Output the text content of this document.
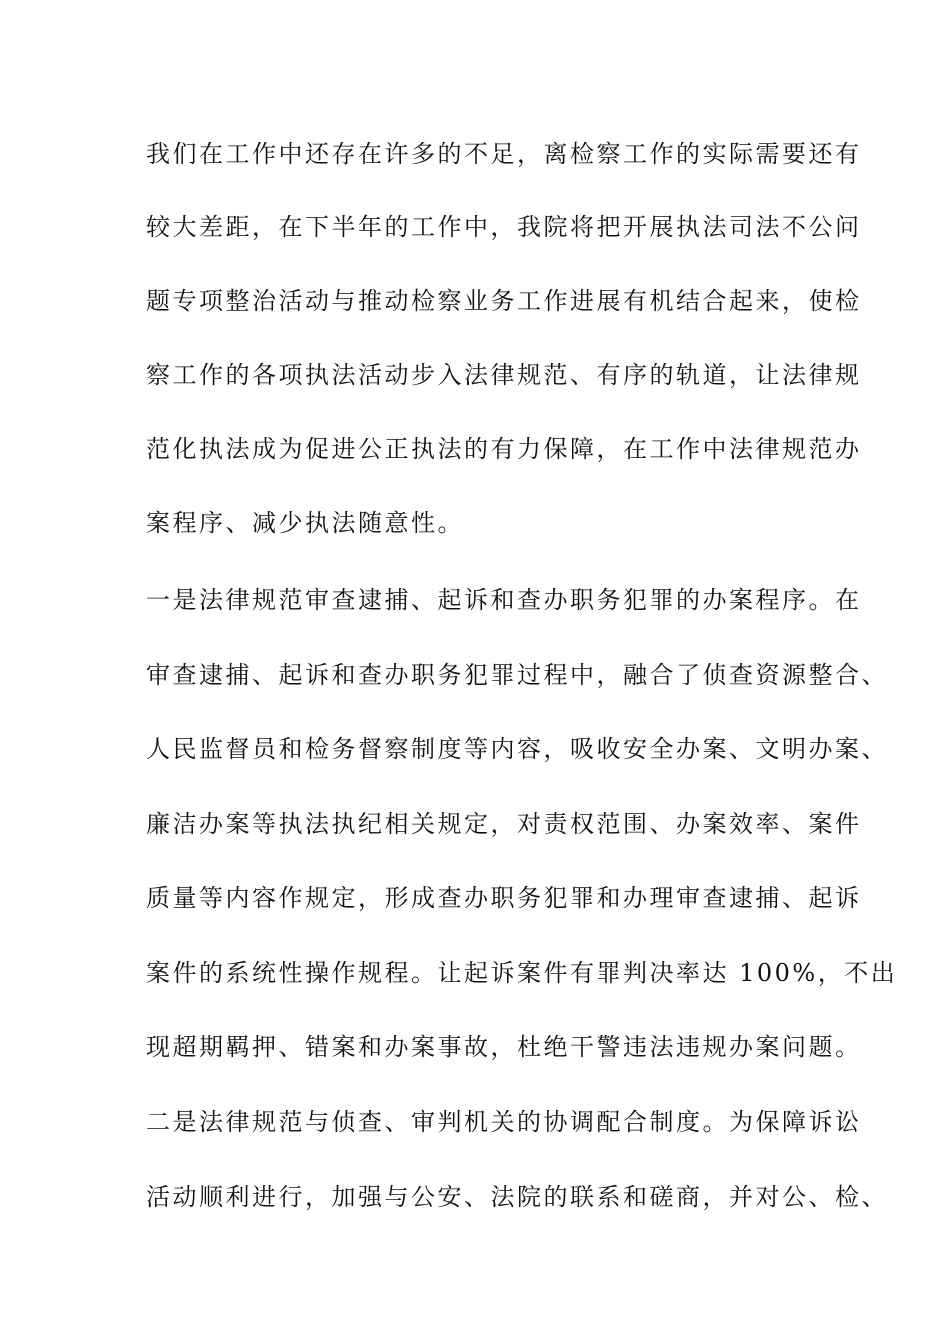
我们在工作中还存在许多的不足，离检察工作的实际需要还有
较大差距，在下半年的工作中，我院将把开展执法司法不公问
题专项整治活动与推动检察业务工作进展有机结合起来，使检
察工作的各项执法活动步入法律规范、有序的轨道，让法律规
范化执法成为促进公正执法的有力保障，在工作中法律规范办
案程序、减少执法随意性。
一是法律规范审查逮捕、起诉和查办职务犯罪的办案程序。在
审查逮捕、起诉和查办职务犯罪过程中，融合了侦查资源整合、
人民监督员和检务督察制度等内容，吸收安全办案、文明办案、
廉洁办案等执法执纪相关规定，对责权范围、办案效率、案件
质量等内容作规定，形成查办职务犯罪和办理审查逮捕、起诉
案件的系统性操作规程。让起诉案件有罪判决率达 100%，不出
现超期羁押、错案和办案事故，杜绝干警违法违规办案问题。
二是法律规范与侦查、审判机关的协调配合制度。为保障诉讼
活动顺利进行，加强与公安、法院的联系和磋商，并对公、检、
